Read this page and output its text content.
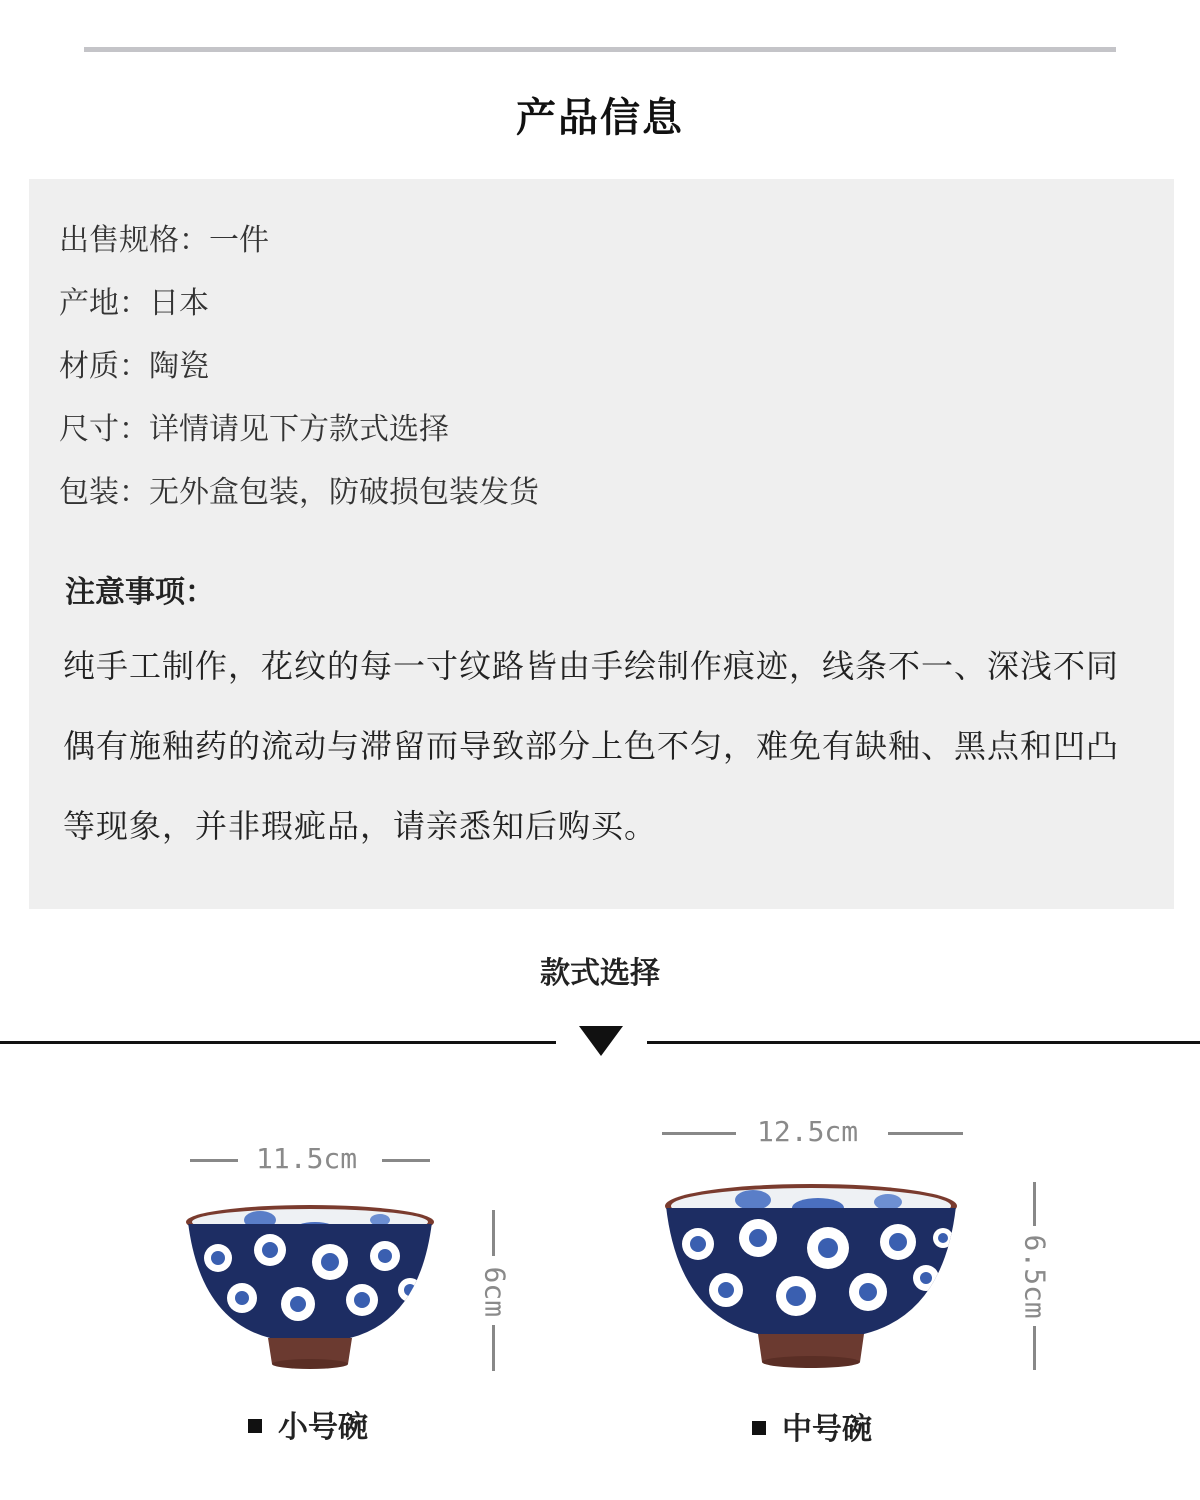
产品信息
出售规格 ： 一件
产地 ： 日本
材质 ： 陶瓷
尺寸 ： 详情请见下方款式选择
包装 ： 无外盒包装，防破损包装发货
注意事项：
纯手工制作，花纹的每一寸纹路皆由手绘制作痕迹，线条不一、深浅不同
偶有施釉药的流动与滞留而导致部分上色不匀，难免有缺釉、黑点和凹凸
等现象，并非瑕疵品，请亲悉知后购买。
款式选择
11.5cm
6cm
小号碗
12.5cm
6.5cm
中号碗
